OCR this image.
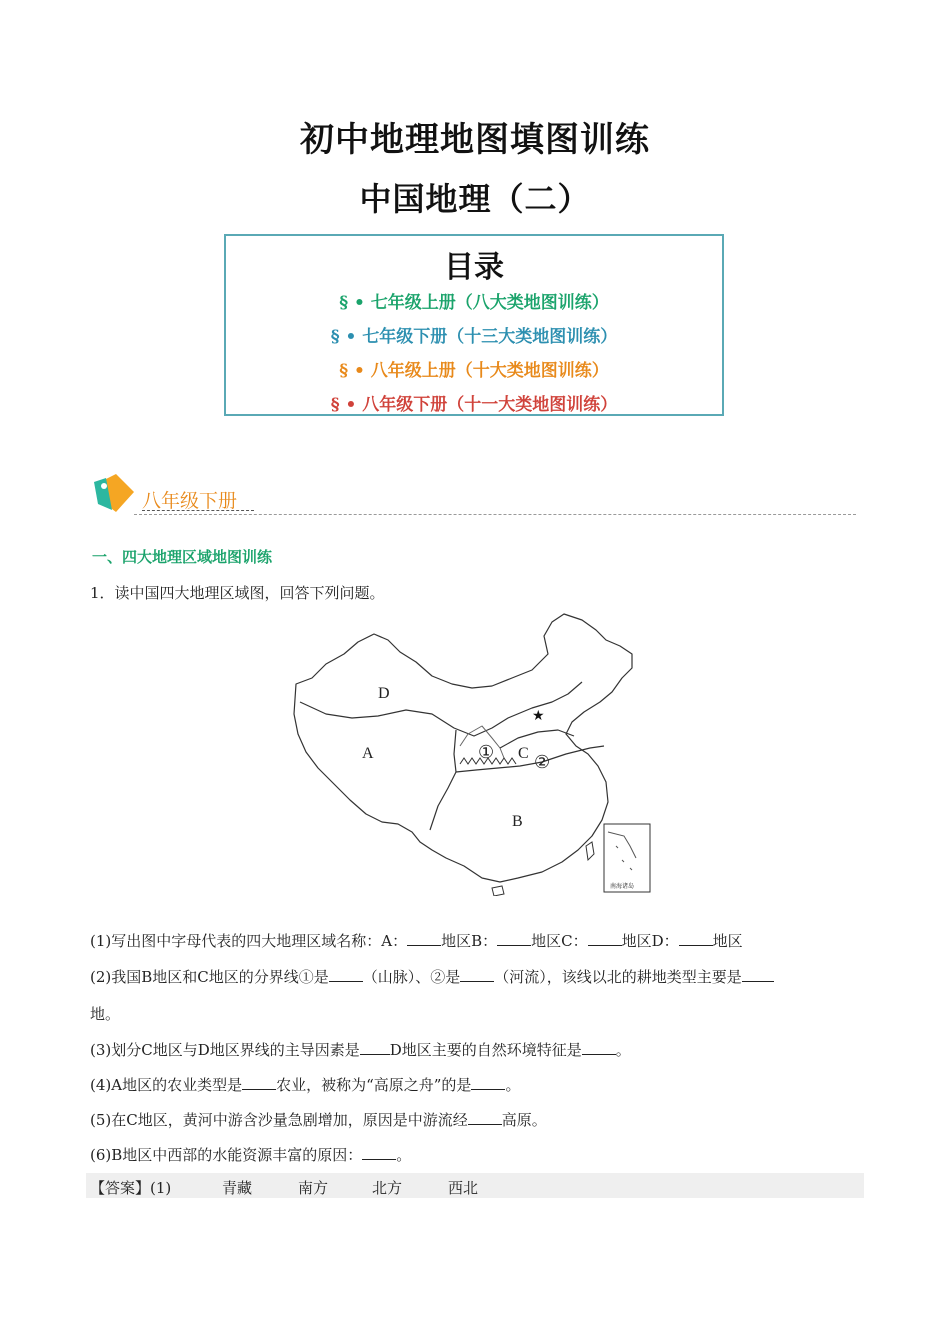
初中地理地图填图训练
中国地理（二）
目录
§ • 七年级上册（八大类地图训练）
§ • 七年级下册（十三大类地图训练）
§ • 八年级上册（十大类地图训练）
§ • 八年级下册（十一大类地图训练）
八年级下册
一、四大地理区域地图训练
1．读中国四大地理区域图，回答下列问题。
D
A	C
B
① ②
★
南海诸岛
(1)写出图中字母代表的四大地理区域名称：A： 地区B： 地区C： 地区D： 地区
(2)我国B地区和C地区的分界线①是 （山脉）、②是 （河流），该线以北的耕地类型主要是
地。
(3)划分C地区与D地区界线的主导因素是 D地区主要的自然环境特征是 。
(4)A地区的农业类型是 农业，被称为“高原之舟”的是 。
(5)在C地区，黄河中游含沙量急剧增加，原因是中游流经 高原。
(6)B地区中西部的水能资源丰富的原因： 。
【答案】(1)	青藏	南方	北方	西北
